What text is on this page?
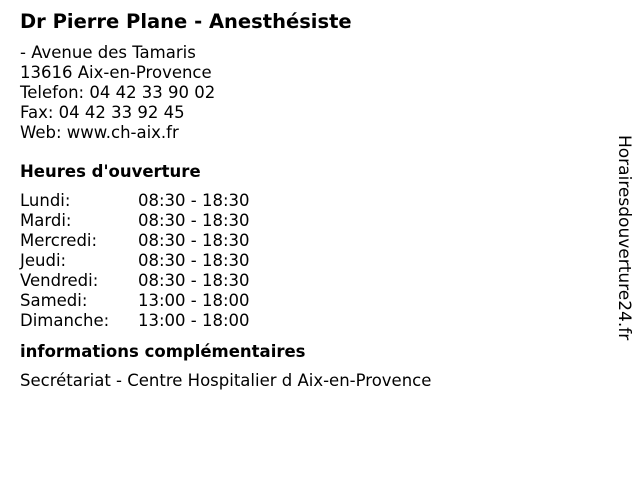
Dr Pierre Plane - Anesthésiste
- Avenue des Tamaris
13616 Aix-en-Provence
Telefon: 04 42 33 90 02
Fax: 04 42 33 92 45
Web: www.ch-aix.fr
Heures d'ouverture
Lundi:	08:30 - 18:30
Mardi:	08:30 - 18:30
Mercredi: 08:30 - 18:30
Jeudi:	08:30 - 18:30
Vendredi: 08:30 - 18:30
Samedi:	13:00 - 18:00
Dimanche: 13:00 - 18:00
informations complémentaires
Secrétariat - Centre Hospitalier d Aix-en-Provence
Horairesdouverture24.fr
